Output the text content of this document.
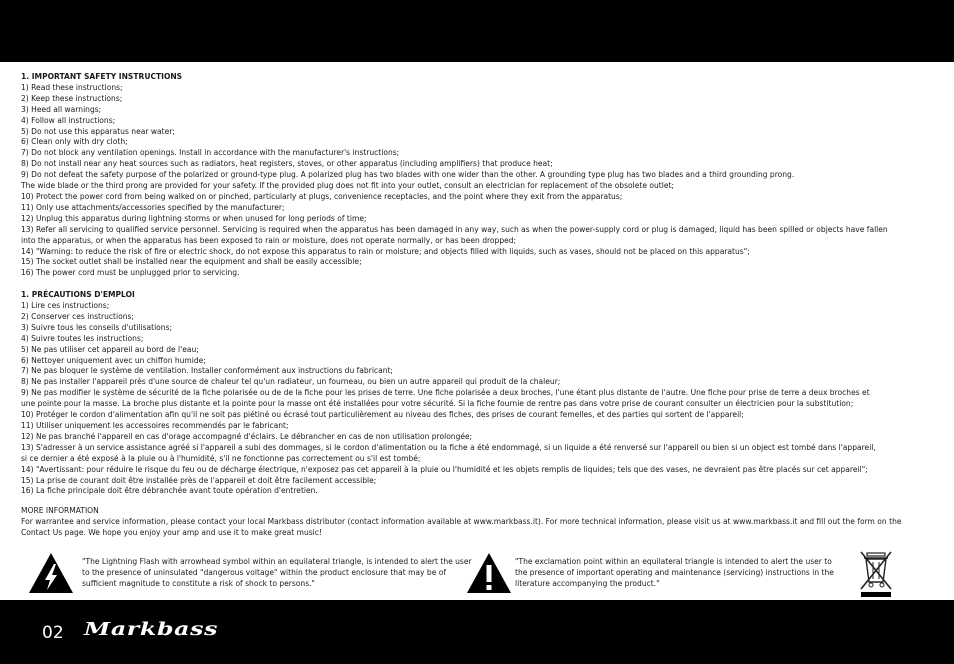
1. IMPORTANT SAFETY INSTRUCTIONS
1) Read these instructions;
2) Keep these instructions;
3) Heed all warnings;
4) Follow all instructions;
5) Do not use this apparatus near water;
6) Clean only with dry cloth;
7) Do not block any ventilation openings. Install in accordance with the manufacturer's instructions;
8) Do not install near any heat sources such as radiators, heat registers, stoves, or other apparatus (including amplifiers) that produce heat;
9) Do not defeat the safety purpose of the polarized or ground-type plug. A polarized plug has two blades with one wider than the other. A grounding type plug has two blades and a third grounding prong.
The wide blade or the third prong are provided for your safety. If the provided plug does not fit into your outlet, consult an electrician for replacement of the obsolete outlet;
10) Protect the power cord from being walked on or pinched, particularly at plugs, convenience receptacles, and the point where they exit from the apparatus;
11) Only use attachments/accessories specified by the manufacturer;
12) Unplug this apparatus during lightning storms or when unused for long periods of time;
13) Refer all servicing to qualified service personnel. Servicing is required when the apparatus has been damaged in any way, such as when the power-supply cord or plug is damaged, liquid has been spilled or objects have fallen
into the apparatus, or when the apparatus has been exposed to rain or moisture, does not operate normally, or has been dropped;
14) "Warning: to reduce the risk of fire or electric shock, do not expose this apparatus to rain or moisture; and objects filled with liquids, such as vases, should not be placed on this apparatus";
15) The socket outlet shall be installed near the equipment and shall be easily accessible;
16) The power cord must be unplugged prior to servicing.
1. PRÉCAUTIONS D'EMPLOI
1) Lire ces instructions;
2) Conserver ces instructions;
3) Suivre tous les conseils d'utilisations;
4) Suivre toutes les instructions;
5) Ne pas utiliser cet appareil au bord de l'eau;
6) Nettoyer uniquement avec un chiffon humide;
7) Ne pas bloquer le système de ventilation. Installer conformément aux instructions du fabricant;
8) Ne pas installer l'appareil près d'une source de chaleur tel qu'un radiateur, un fourneau, ou bien un autre appareil qui produit de la chaleur;
9) Ne pas modifier le système de sécurité de la fiche polarisée ou de de la fiche pour les prises de terre. Une fiche polarisée a deux broches, l'une étant plus distante de l'autre. Une fiche pour prise de terre a deux broches et
une pointe pour la masse. La broche plus distante et la pointe pour la masse ont été installées pour votre sécurité. Si la fiche fournie de rentre pas dans votre prise de courant consulter un électricien pour la substitution;
10) Protéger le cordon d'alimentation afin qu'il ne soit pas piétiné ou écrasé tout particulièrement au niveau des fiches, des prises de courant femelles, et des parties qui sortent de l'appareil;
11) Utiliser uniquement les accessoires recommendés par le fabricant;
12) Ne pas branché l'appareil en cas d'orage accompagné d'éclairs. Le débrancher en cas de non utilisation prolongée;
13) S'adresser à un service assistance agréé si l'appareil a subi des dommages, si le cordon d'alimentation ou la fiche a été endommagé, si un liquide a été renversé sur l'appareil ou bien si un object est tombé dans l'appareil,
si ce dernier a été exposé à la pluie ou à l'humidité, s'il ne fonctionne pas correctement ou s'il est tombé;
14) "Avertissant: pour réduire le risque du feu ou de décharge électrique, n'exposez pas cet appareil à la pluie ou l'humidité et les objets remplis de liquides; tels que des vases, ne devraient pas être placés sur cet appareil";
15) La prise de courant doit être installée près de l'appareil et doit être facilement accessible;
16) La fiche principale doit être débranchée avant toute opération d'entretien.
MORE INFORMATION
For warrantee and service information, please contact your local Markbass distributor (contact information available at www.markbass.it). For more technical information, please visit us at www.markbass.it and fill out the form on the Contact Us page. We hope you enjoy your amp and use it to make great music!
"The Lightning Flash with arrowhead symbol within an equilateral triangle, is intended to alert the user to the presence of uninsulated "dangerous voltage" within the product enclosure that may be of sufficient magnitude to constitute a risk of shock to persons."
"The exclamation point within an equilateral triangle is intended to alert the user to the presence of important operating and maintenance (servicing) instructions in the literature accompanying the product."
02 Markbass
